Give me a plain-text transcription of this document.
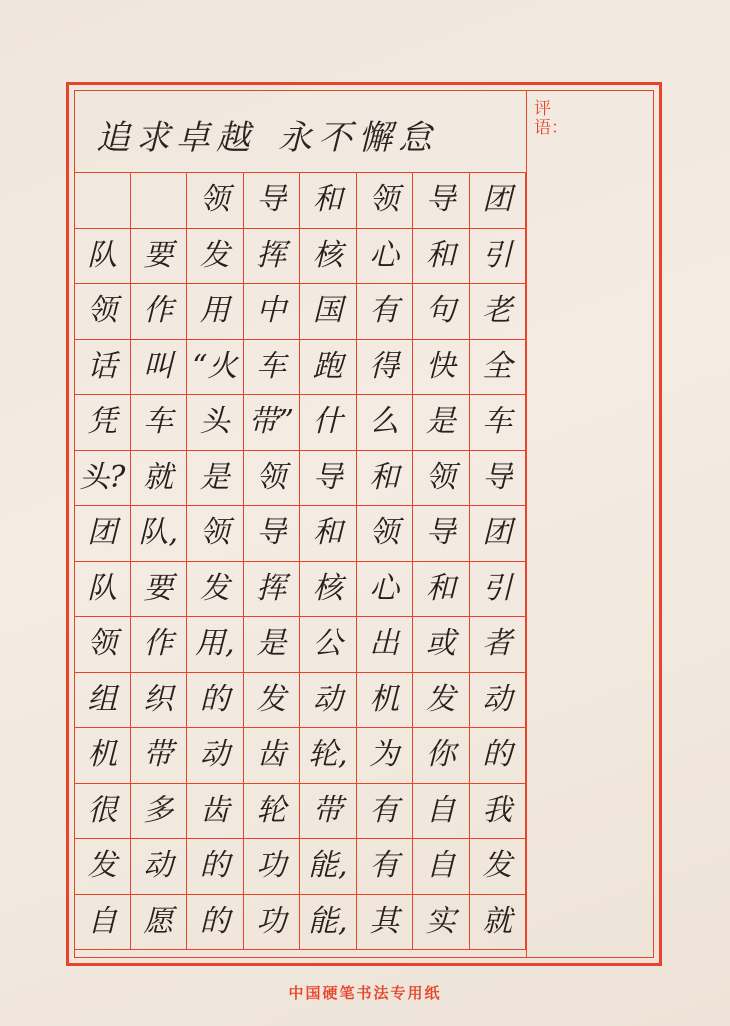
评语：
追求卓越 永不懈怠
领 导 和 领 导 团
队 要 发 挥 核 心 和 引
领 作 用 中 国 有 句 老
话 叫 “火 车 跑 得 快 全
凭 车 头 带” 什 么 是 车
头? 就 是 领 导 和 领 导
团 队, 领 导 和 领 导 团
队 要 发 挥 核 心 和 引
领 作 用, 是 公 出 或 者
组 织 的 发 动 机 发 动
机 带 动 齿 轮, 为 你 的
很 多 齿 轮 带 有 自 我
发 动 的 功 能, 有 自 发
自 愿 的 功 能, 其 实 就
中国硬笔书法专用纸
